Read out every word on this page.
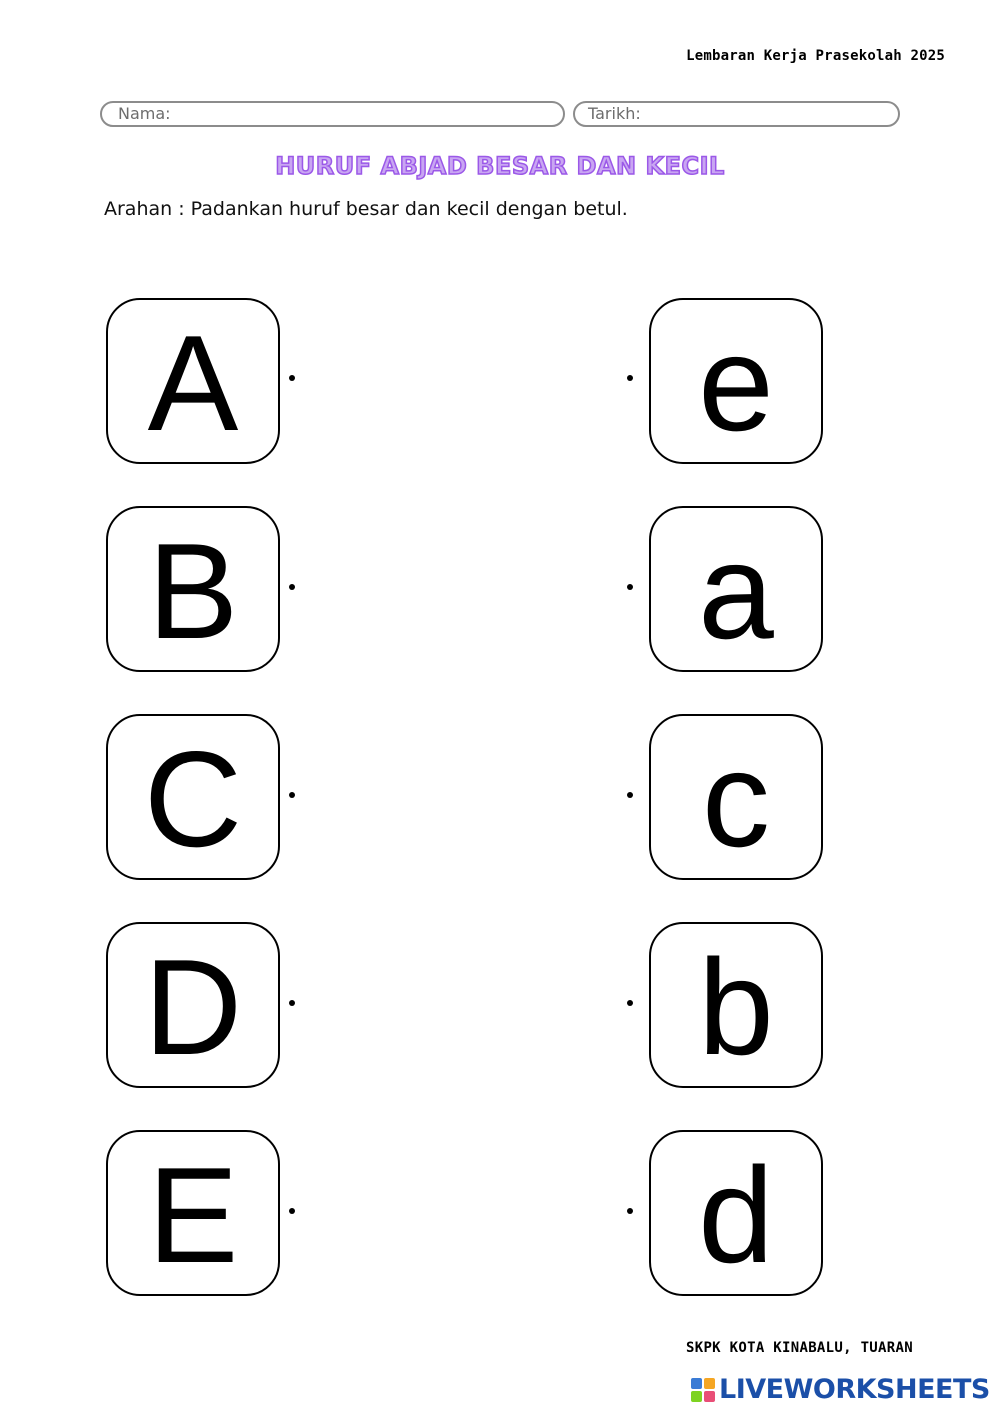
Lembaran Kerja Prasekolah 2025
Nama:	Tarikh:
HURUF ABJAD BESAR DAN KECIL
Arahan : Padankan huruf besar dan kecil dengan betul.
A
B
C
D
E
e
a
c
b
d
SKPK KOTA KINABALU, TUARAN
LIVEWORKSHEETS
